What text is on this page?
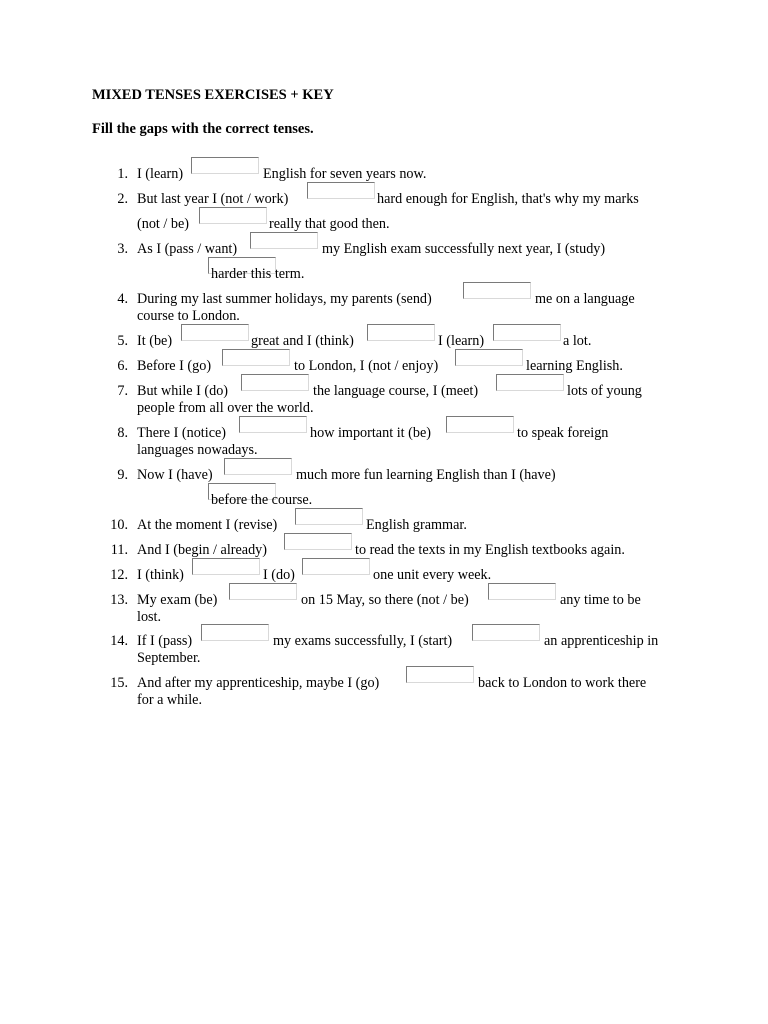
MIXED TENSES EXERCISES + KEY
Fill the gaps with the correct tenses.
1. I (learn)	English for seven years now.
2. But last year I (not / work)	hard enough for English, that's why my marks
(not / be)	really that good then.
3. As I (pass / want)	my English exam successfully next year, I (study)
harder this term.
4. During my last summer holidays, my parents (send)	me on a language
course to London.
5. It (be)	great and I (think)	I (learn)	a lot.
6. Before I (go)	to London, I (not / enjoy)	learning English.
7. But while I (do)	the language course, I (meet)	lots of young
people from all over the world.
8. There I (notice)	how important it (be)	to speak foreign
languages nowadays.
9. Now I (have)	much more fun learning English than I (have)
before the course.
10. At the moment I (revise)	English grammar.
11. And I (begin / already)	to read the texts in my English textbooks again.
12. I (think)	I (do)	one unit every week.
13. My exam (be)	on 15 May, so there (not / be)	any time to be
lost.
14. If I (pass)	my exams successfully, I (start)	an apprenticeship in
September.
15. And after my apprenticeship, maybe I (go)	back to London to work there
for a while.
